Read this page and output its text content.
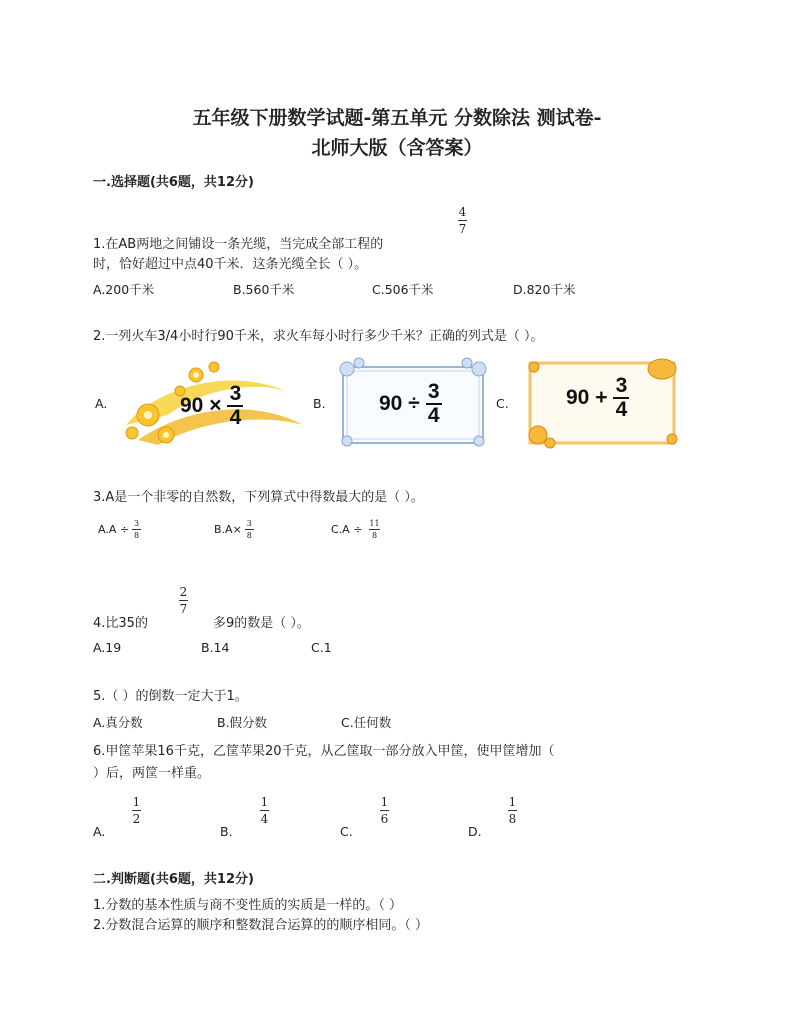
五年级下册数学试题-第五单元 分数除法 测试卷-
北师大版（含答案）
一.选择题(共6题，共12分)
4
7
1.在AB两地之间铺设一条光缆，当完成全部工程的
时，恰好超过中点40千米．这条光缆全长（ ）。
A.200千米	B.560千米	C.506千米	D.820千米
2.一列火车3/4小时行90千米，求火车每小时行多少千米？正确的列式是（ ）。
A.	B.	C.
90 ×
3
4
90 ÷
3
4
90 +
3
4
3.A是一个非零的自然数，下列算式中得数最大的是（ ）。
$A.A \div \frac{3}{8}$	$B.A\times \frac{3}{8}$	$C.A \div \frac{11}{8}$
4.比35的
2
7
多9的数是（ ）。
A.19	B.14	C.1
5.（ ）的倒数一定大于1。
A.真分数	B.假分数	C.任何数
6.甲筐苹果16千克，乙筐苹果20千克，从乙筐取一部分放入甲筐，使甲筐增加（
）后，两筐一样重。
A.
1
2
B.
1
4
C.
1
6
D.
1
8
二.判断题(共6题，共12分)
1.分数的基本性质与商不变性质的实质是一样的。（ ）
2.分数混合运算的顺序和整数混合运算的的顺序相同。（ ）
